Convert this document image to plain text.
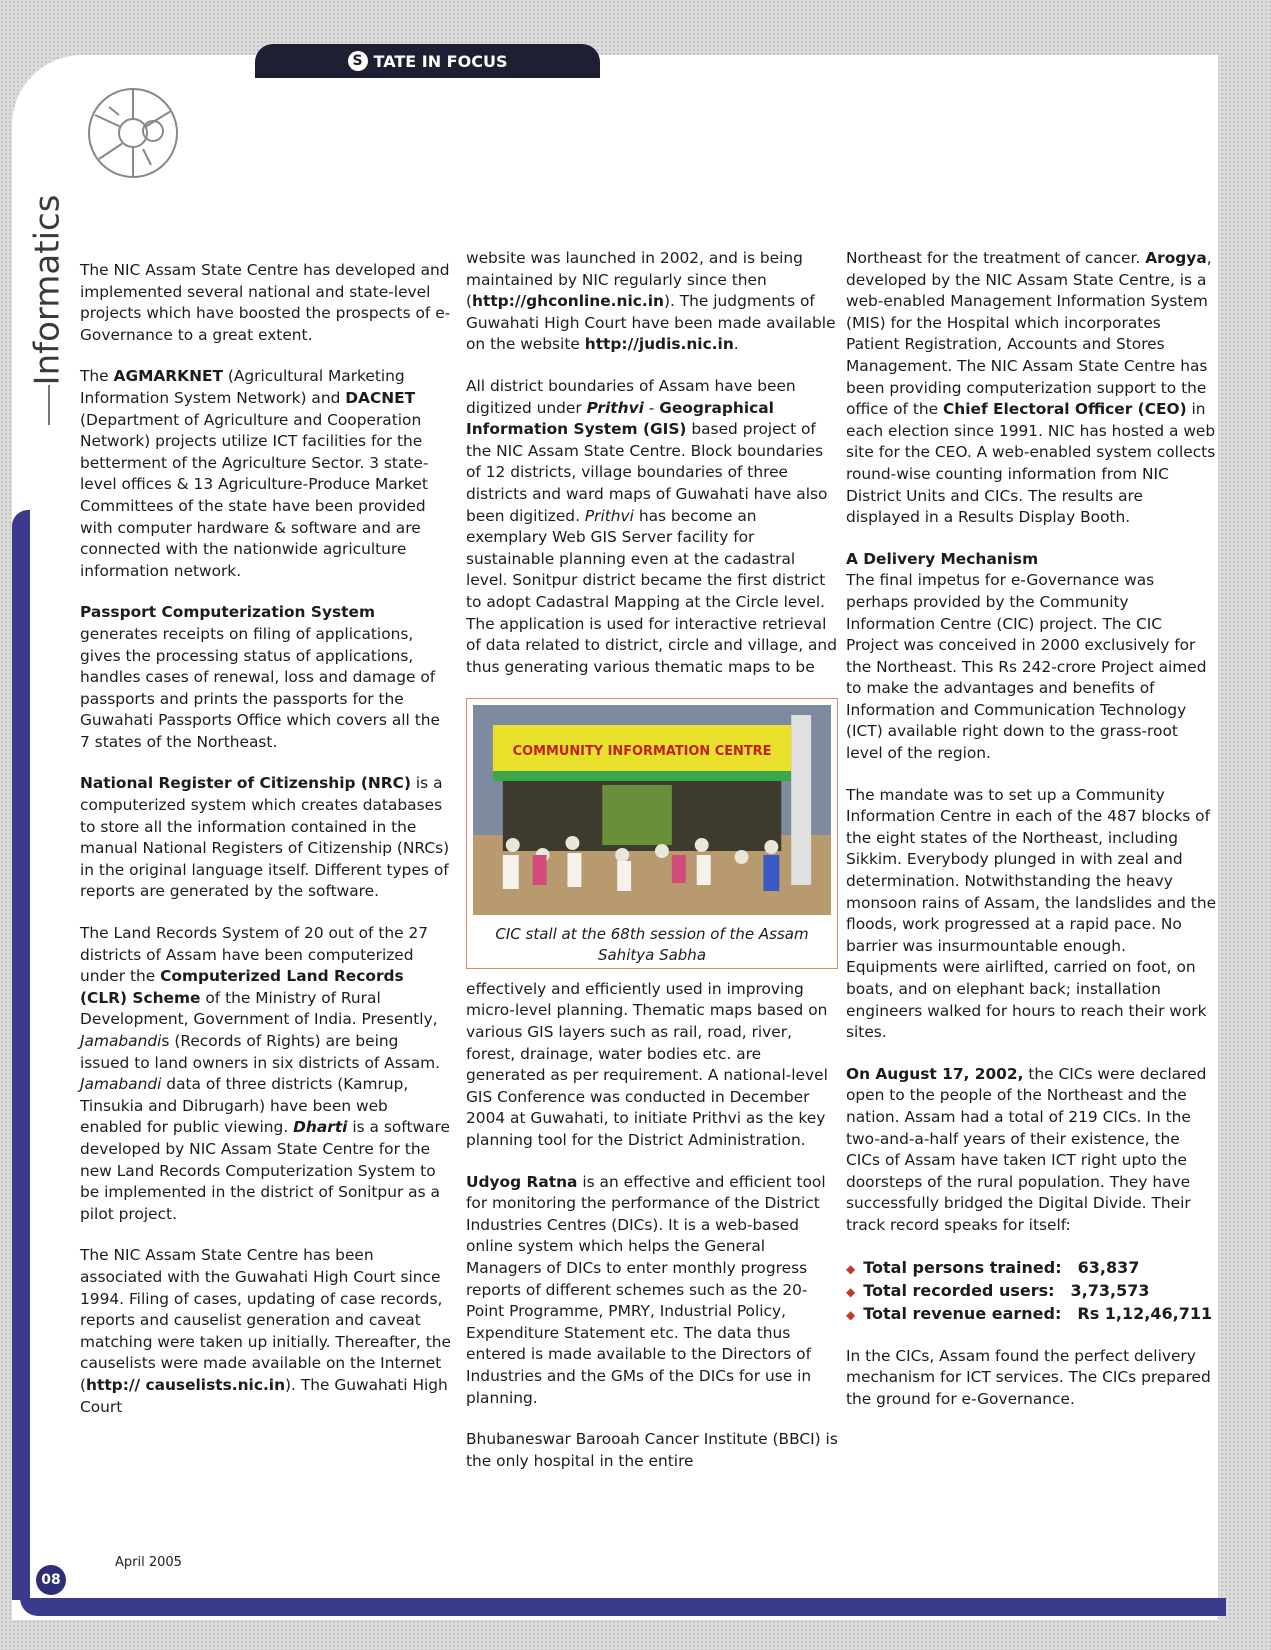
S TATE IN FOCUS
Informatics The NIC Assam State Centre has developed and implemented several national and state-level projects which have boosted the prospects of e-Governance to a great extent.

The AGMARKNET (Agricultural Marketing Information System Network) and DACNET (Department of Agriculture and Cooperation Network) projects utilize ICT facilities for the betterment of the Agriculture Sector. 3 state-level offices & 13 Agriculture-Produce Market Committees of the state have been provided with computer hardware & software and are connected with the nationwide agriculture information network.

Passport Computerization System generates receipts on filing of applications, gives the processing status of applications, handles cases of renewal, loss and damage of passports and prints the passports for the Guwahati Passports Office which covers all the 7 states of the Northeast.

National Register of Citizenship (NRC) is a computerized system which creates databases to store all the information contained in the manual National Registers of Citizenship (NRCs) in the original language itself. Different types of reports are generated by the software.

The Land Records System of 20 out of the 27 districts of Assam have been computerized under the Computerized Land Records (CLR) Scheme of the Ministry of Rural Development, Government of India. Presently, Jamabandis (Records of Rights) are being issued to land owners in six districts of Assam. Jamabandi data of three districts (Kamrup, Tinsukia and Dibrugarh) have been web enabled for public viewing. Dharti is a software developed by NIC Assam State Centre for the new Land Records Computerization System to be implemented in the district of Sonitpur as a pilot project.

The NIC Assam State Centre has been associated with the Guwahati High Court since 1994. Filing of cases, updating of case records, reports and causelist generation and caveat matching were taken up initially. Thereafter, the causelists were made available on the Internet (http:// causelists.nic.in). The Guwahati High Court

website was launched in 2002, and is being maintained by NIC regularly since then (http://ghconline.nic.in). The judgments of Guwahati High Court have been made available on the website http://judis.nic.in.

All district boundaries of Assam have been digitized under Prithvi - Geographical Information System (GIS) based project of the NIC Assam State Centre. Block boundaries of 12 districts, village boundaries of three districts and ward maps of Guwahati have also been digitized. Prithvi has become an exemplary Web GIS Server facility for sustainable planning even at the cadastral level. Sonitpur district became the first district to adopt Cadastral Mapping at the Circle level. The application is used for interactive retrieval of data related to district, circle and village, and thus generating various thematic maps to be

COMMUNITY INFORMATION CENTRE
CIC stall at the 68th session of the Assam Sahitya Sabha

effectively and efficiently used in improving micro-level planning. Thematic maps based on various GIS layers such as rail, road, river, forest, drainage, water bodies etc. are generated as per requirement. A national-level GIS Conference was conducted in December 2004 at Guwahati, to initiate Prithvi as the key planning tool for the District Administration.

Udyog Ratna is an effective and efficient tool for monitoring the performance of the District Industries Centres (DICs). It is a web-based online system which helps the General Managers of DICs to enter monthly progress reports of different schemes such as the 20-Point Programme, PMRY, Industrial Policy, Expenditure Statement etc. The data thus entered is made available to the Directors of Industries and the GMs of the DICs for use in planning.

Bhubaneswar Barooah Cancer Institute (BBCI) is the only hospital in the entire

Northeast for the treatment of cancer. Arogya, developed by the NIC Assam State Centre, is a web-enabled Management Information System (MIS) for the Hospital which incorporates Patient Registration, Accounts and Stores Management. The NIC Assam State Centre has been providing computerization support to the office of the Chief Electoral Officer (CEO) in each election since 1991. NIC has hosted a web site for the CEO. A web-enabled system collects round-wise counting information from NIC District Units and CICs. The results are displayed in a Results Display Booth.

A Delivery Mechanism

The final impetus for e-Governance was perhaps provided by the Community Information Centre (CIC) project. The CIC Project was conceived in 2000 exclusively for the Northeast. This Rs 242-crore Project aimed to make the advantages and benefits of Information and Communication Technology (ICT) available right down to the grass-root level of the region.

The mandate was to set up a Community Information Centre in each of the 487 blocks of the eight states of the Northeast, including Sikkim. Everybody plunged in with zeal and determination. Notwithstanding the heavy monsoon rains of Assam, the landslides and the floods, work progressed at a rapid pace. No barrier was insurmountable enough. Equipments were airlifted, carried on foot, on boats, and on elephant back; installation engineers walked for hours to reach their work sites.

On August 17, 2002, the CICs were declared open to the people of the Northeast and the nation. Assam had a total of 219 CICs. In the two-and-a-half years of their existence, the CICs of Assam have taken ICT right upto the doorsteps of the rural population. They have successfully bridged the Digital Divide. Their track record speaks for itself:

◆ Total persons trained: 63,837
◆ Total recorded users: 3,73,573
◆ Total revenue earned: Rs 1,12,46,711

In the CICs, Assam found the perfect delivery mechanism for ICT services. The CICs prepared the ground for e-Governance.

08
April 2005
